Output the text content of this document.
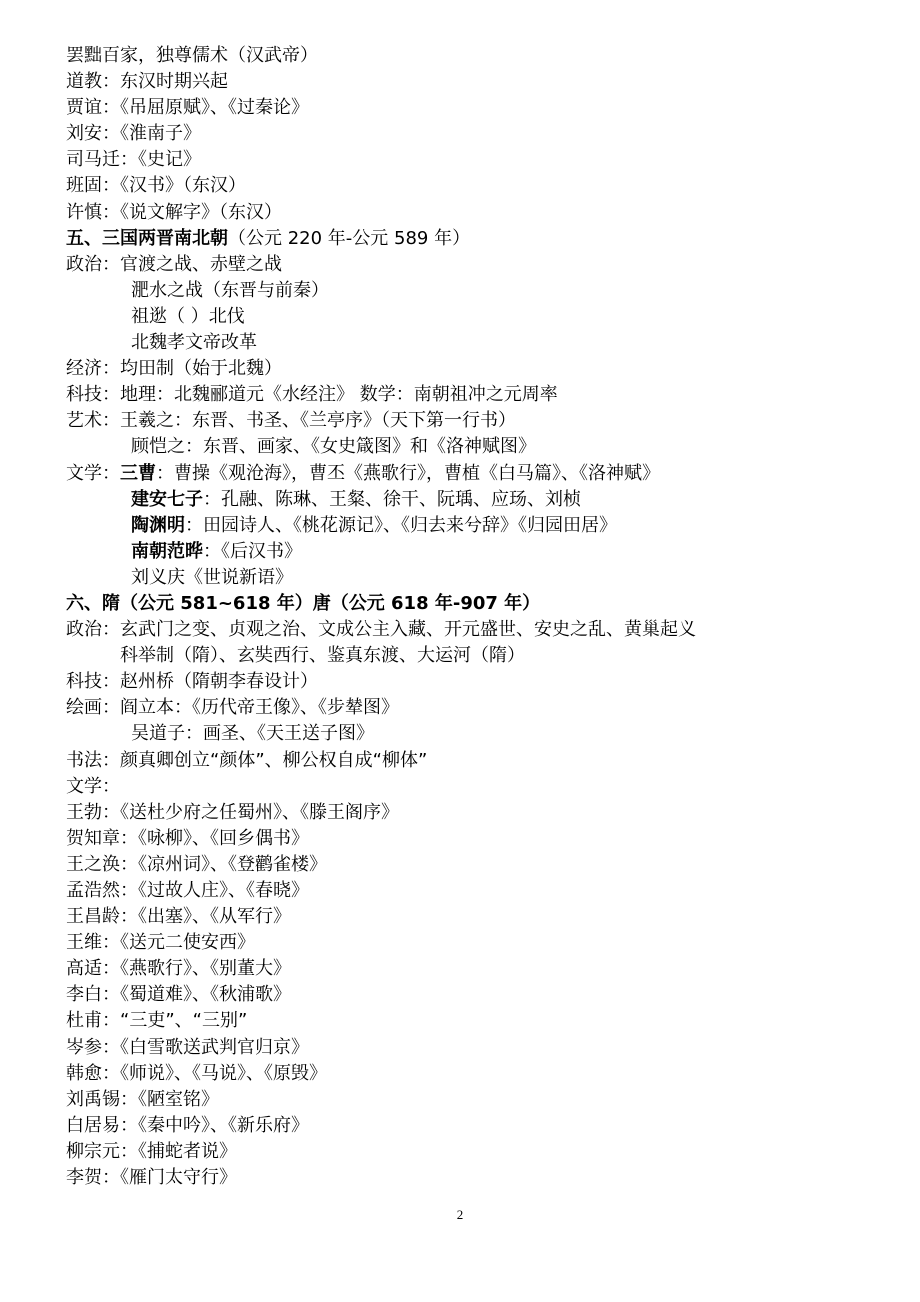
罢黜百家，独尊儒术（汉武帝）
道教：东汉时期兴起
贾谊：《吊屈原赋》、《过秦论》
刘安：《淮南子》
司马迁：《史记》
班固：《汉书》（东汉）
许慎：《说文解字》（东汉）
五、三国两晋南北朝（公元 220 年-公元 589 年）
政治：官渡之战、赤壁之战
淝水之战（东晋与前秦）
祖逖（ ）北伐
北魏孝文帝改革
经济：均田制（始于北魏）
科技：地理：北魏郦道元《水经注》 数学：南朝祖冲之元周率
艺术：王羲之：东晋、书圣、《兰亭序》（天下第一行书）
顾恺之：东晋、画家、《女史箴图》和《洛神赋图》
文学：三曹：曹操《观沧海》，曹丕《燕歌行》，曹植《白马篇》、《洛神赋》
建安七子：孔融、陈琳、王粲、徐干、阮瑀、应玚、刘桢
陶渊明：田园诗人、《桃花源记》、《归去来兮辞》《归园田居》
南朝范晔：《后汉书》
刘义庆《世说新语》
六、隋（公元 581~618 年）唐（公元 618 年-907 年）
政治：玄武门之变、贞观之治、文成公主入藏、开元盛世、安史之乱、黄巢起义
科举制（隋）、玄奘西行、鉴真东渡、大运河（隋）
科技：赵州桥（隋朝李春设计）
绘画：阎立本：《历代帝王像》、《步辇图》
吴道子：画圣、《天王送子图》
书法：颜真卿创立“颜体”、柳公权自成“柳体”
文学：
王勃：《送杜少府之任蜀州》、《滕王阁序》
贺知章：《咏柳》、《回乡偶书》
王之涣：《凉州词》、《登鹳雀楼》
孟浩然：《过故人庄》、《春晓》
王昌龄：《出塞》、《从军行》
王维：《送元二使安西》
高适：《燕歌行》、《别董大》
李白：《蜀道难》、《秋浦歌》
杜甫：“三吏”、“三别”
岑参：《白雪歌送武判官归京》
韩愈：《师说》、《马说》、《原毁》
刘禹锡：《陋室铭》
白居易：《秦中吟》、《新乐府》
柳宗元：《捕蛇者说》
李贺：《雁门太守行》
2
